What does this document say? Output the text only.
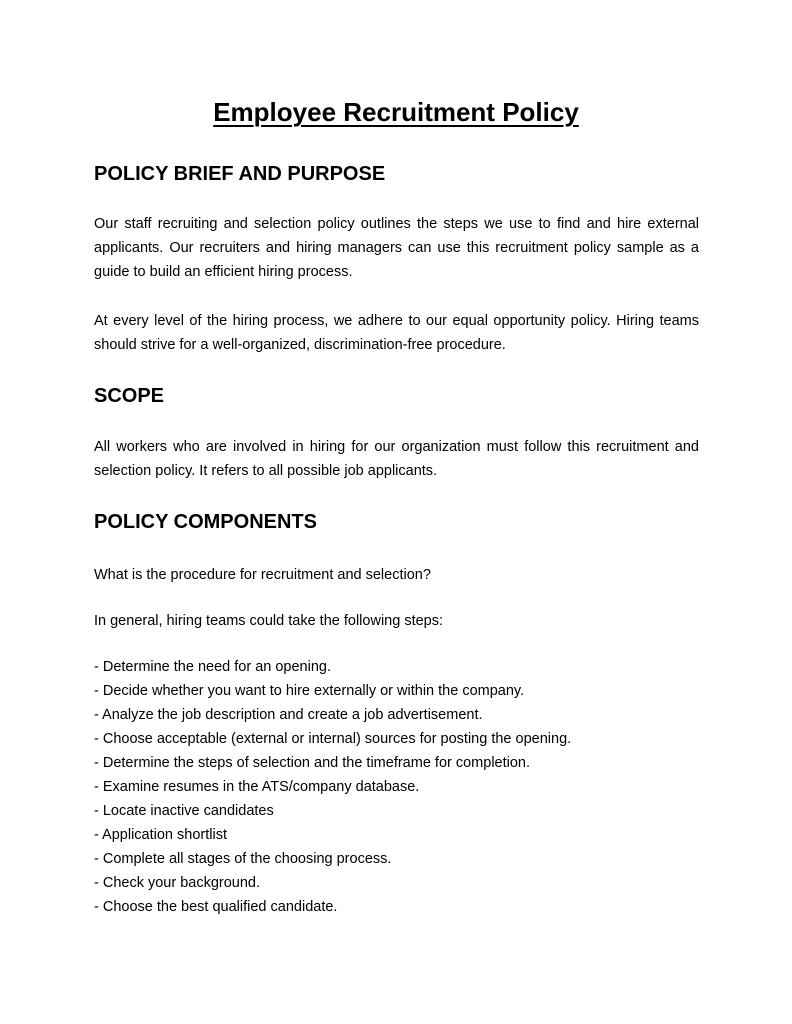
Employee Recruitment Policy
POLICY BRIEF AND PURPOSE

Our staff recruiting and selection policy outlines the steps we use to find and hire external applicants. Our recruiters and hiring managers can use this recruitment policy sample as a guide to build an efficient hiring process.

At every level of the hiring process, we adhere to our equal opportunity policy. Hiring teams should strive for a well-organized, discrimination-free procedure.

SCOPE

All workers who are involved in hiring for our organization must follow this recruitment and selection policy. It refers to all possible job applicants.

POLICY COMPONENTS

What is the procedure for recruitment and selection?

In general, hiring teams could take the following steps:

- Determine the need for an opening.
- Decide whether you want to hire externally or within the company.
- Analyze the job description and create a job advertisement.
- Choose acceptable (external or internal) sources for posting the opening.
- Determine the steps of selection and the timeframe for completion.
- Examine resumes in the ATS/company database.
- Locate inactive candidates
- Application shortlist
- Complete all stages of the choosing process.
- Check your background.
- Choose the best qualified candidate.
